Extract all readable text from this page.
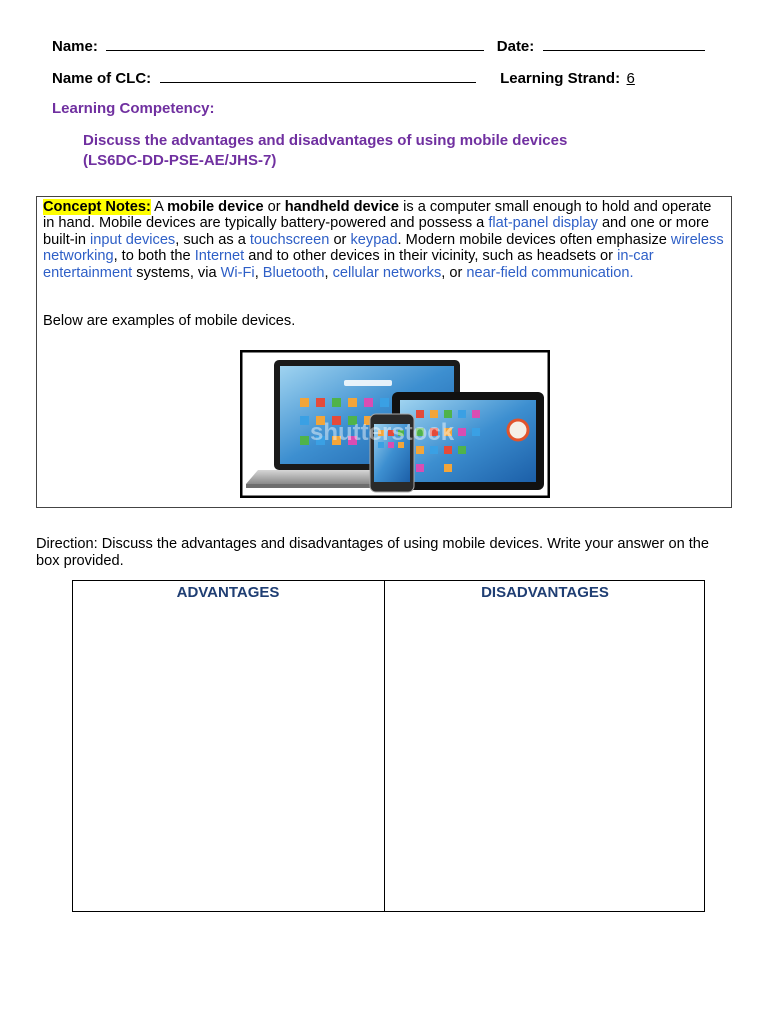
Name:	Date:
Name of CLC:	Learning Strand: 6
Learning Competency:
Discuss the advantages and disadvantages of using mobile devices
(LS6DC-DD-PSE-AE/JHS-7)
Concept Notes: A mobile device or handheld device is a computer small enough to hold and operate in hand. Mobile devices are typically battery-powered and possess a flat-panel display and one or more built-in input devices, such as a touchscreen or keypad. Modern mobile devices often emphasize wireless networking, to both the Internet and to other devices in their vicinity, such as headsets or in-car entertainment systems, via Wi-Fi, Bluetooth, cellular networks, or near-field communication.
Below are examples of mobile devices.
shutterstock
Direction: Discuss the advantages and disadvantages of using mobile devices. Write your answer on the box provided.
ADVANTAGES	DISADVANTAGES
